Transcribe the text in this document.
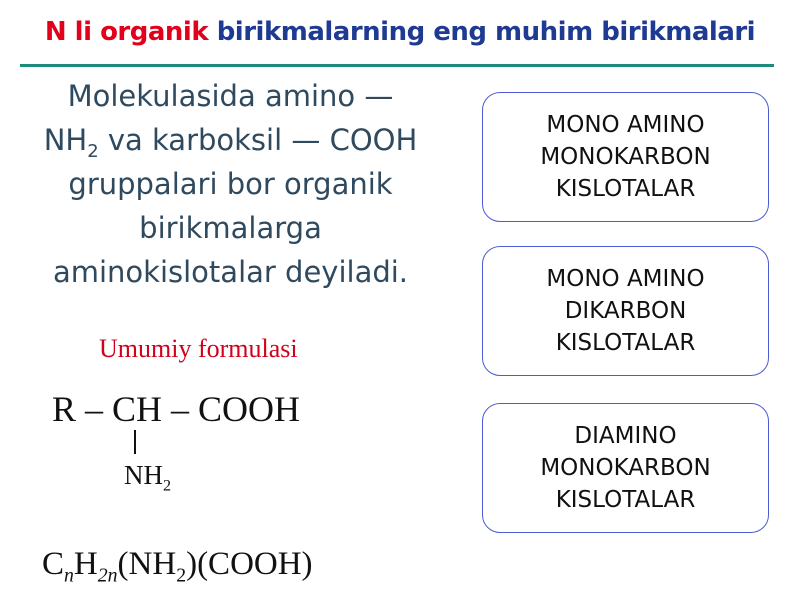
N li organik birikmalarning eng muhim birikmalari
Molekulasida amino —
$NH_2$ va karboksil — COOH
gruppalari bor organik
birikmalarga
aminokislotalar deyiladi.
Umumiy formulasi
R – CH – COOH
$NH_2$
$C_nH_{2n}(NH_2)(COOH)$
MONO AMINO
MONOKARBON
KISLOTALAR
MONO AMINO
DIKARBON
KISLOTALAR
DIAMINO
MONOKARBON
KISLOTALAR
